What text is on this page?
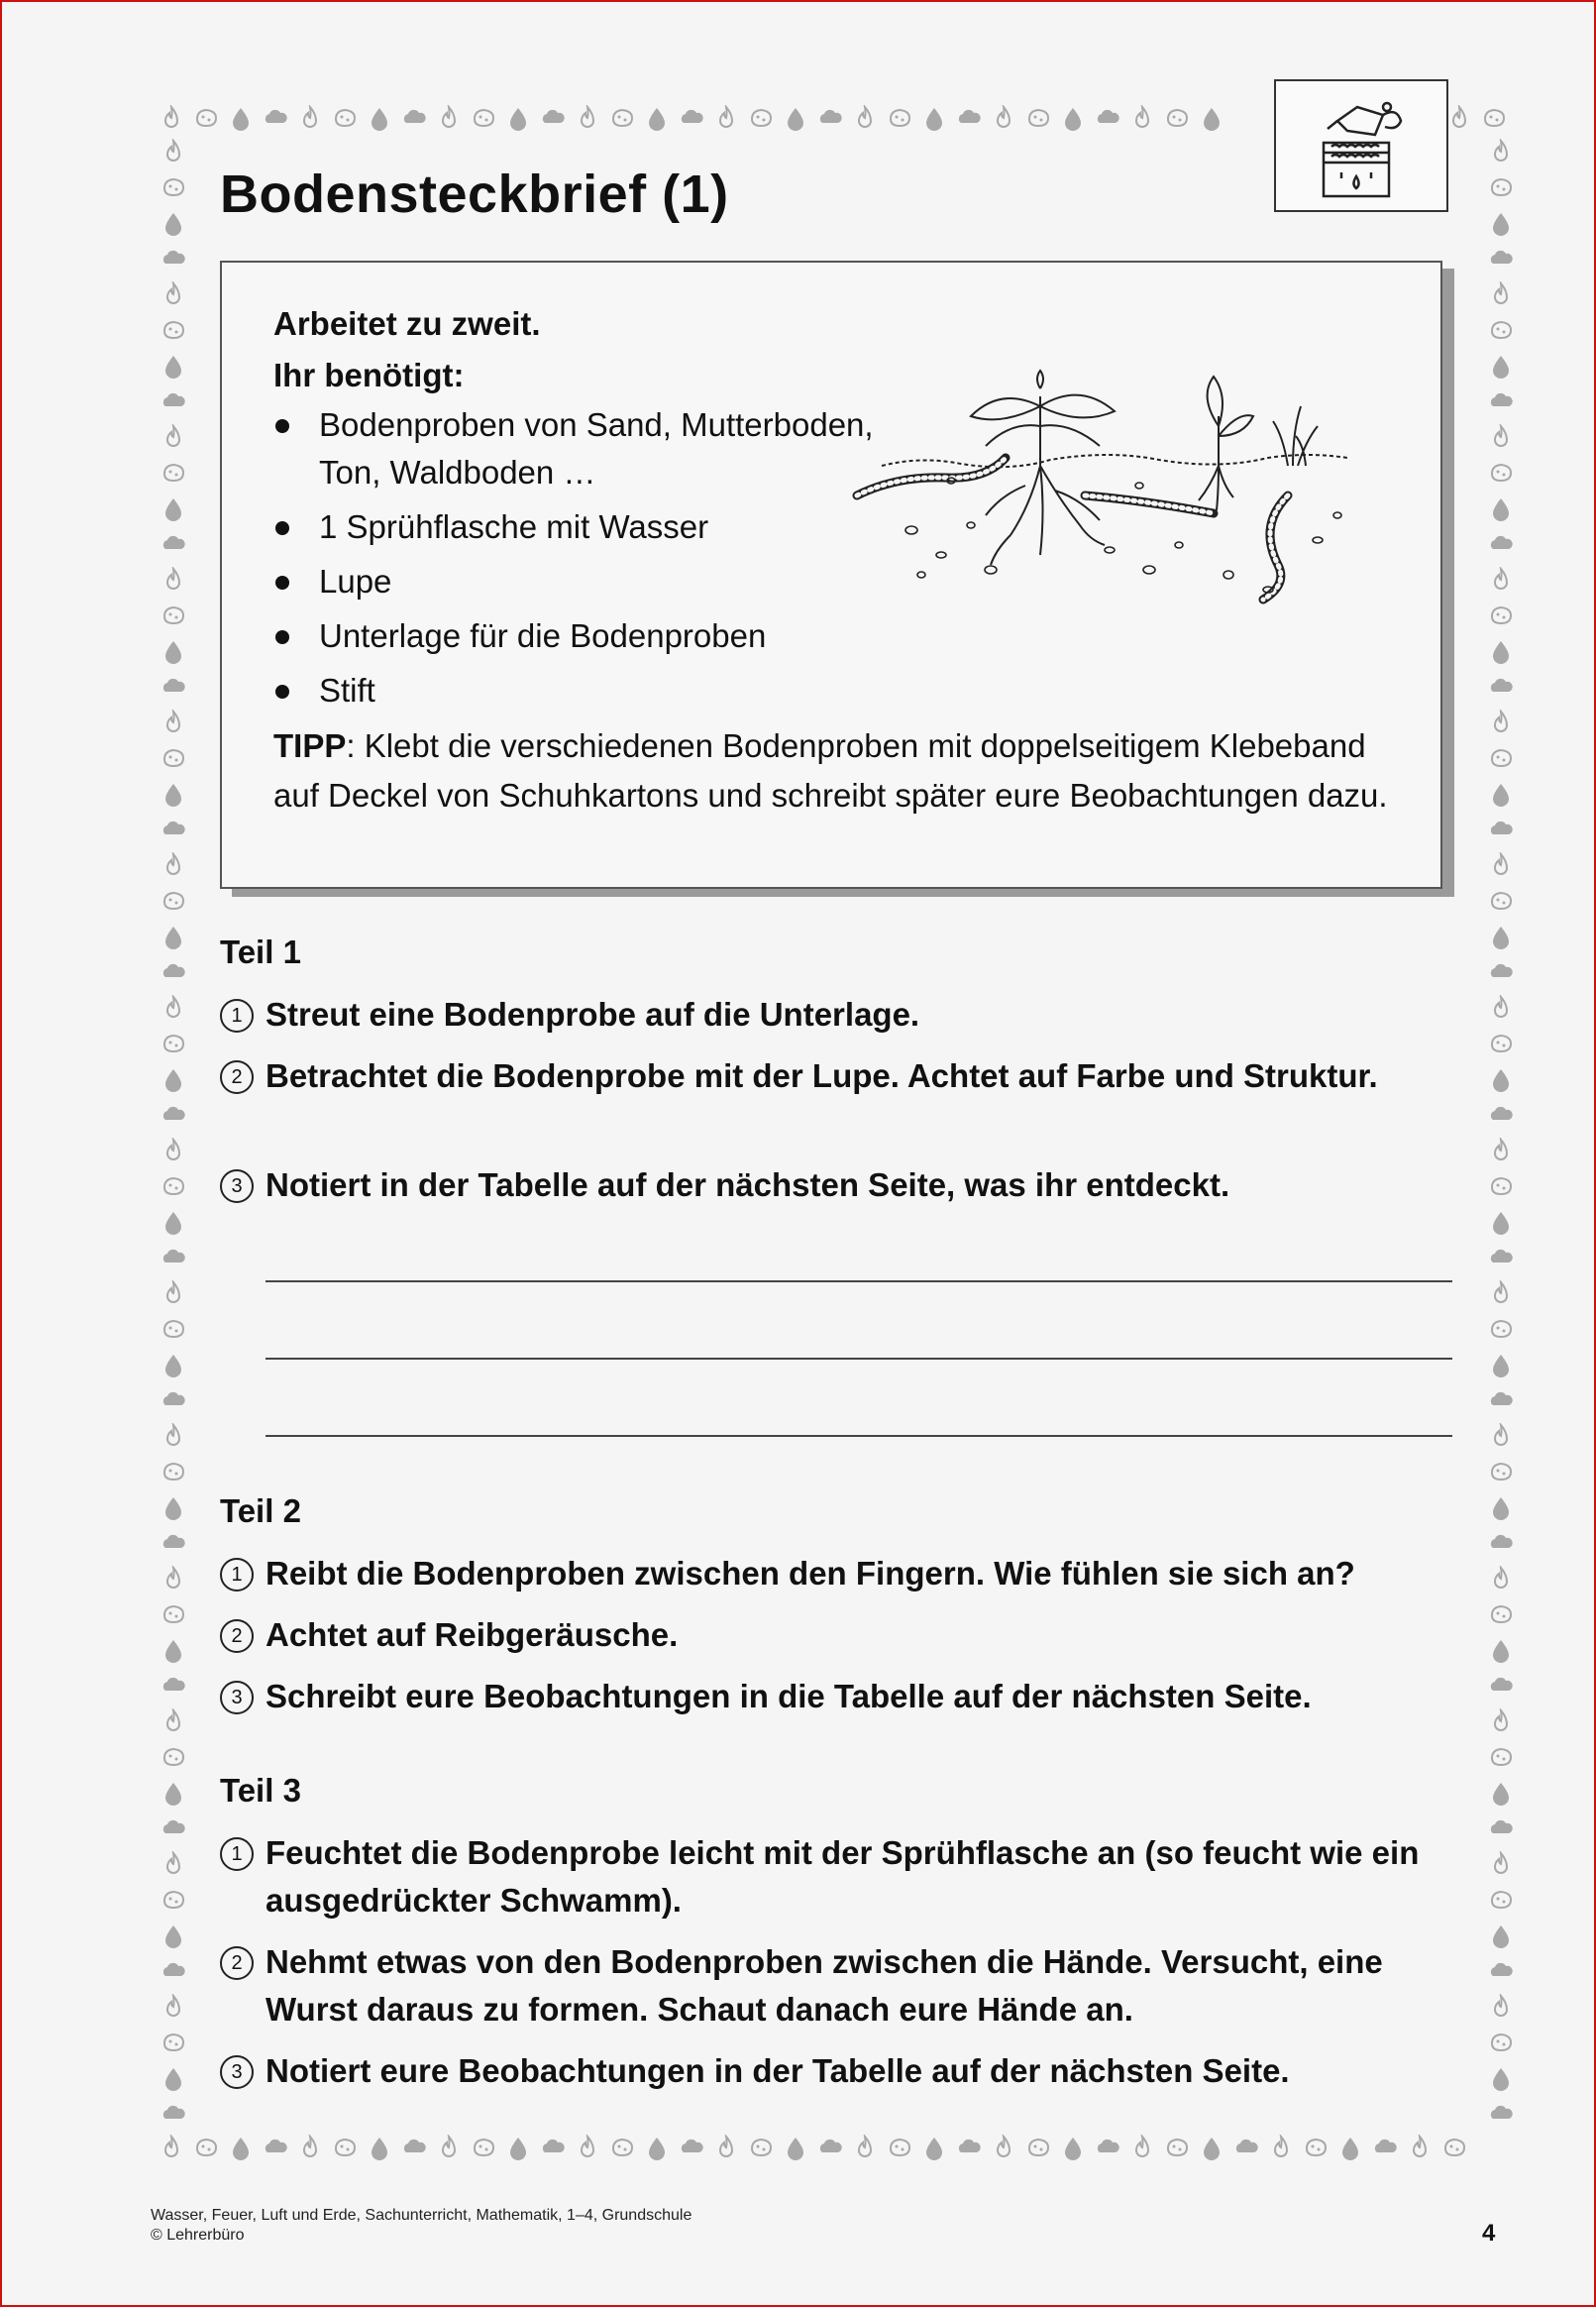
Bodensteckbrief (1)
Arbeitet zu zweit.
Ihr benötigt:
Bodenproben von Sand, Mutterboden, Ton, Waldboden …
1 Sprühflasche mit Wasser
Lupe
Unterlage für die Bodenproben
Stift
TIPP: Klebt die verschiedenen Bodenproben mit doppelseitigem Klebeband auf Deckel von Schuhkartons und schreibt später eure Beobachtungen dazu.
Teil 1
1 Streut eine Bodenprobe auf die Unterlage.
2 Betrachtet die Bodenprobe mit der Lupe. Achtet auf Farbe und Struktur.
3 Notiert in der Tabelle auf der nächsten Seite, was ihr entdeckt.
Teil 2
1 Reibt die Bodenproben zwischen den Fingern. Wie fühlen sie sich an?
2 Achtet auf Reibgeräusche.
3 Schreibt eure Beobachtungen in die Tabelle auf der nächsten Seite.
Teil 3
1 Feuchtet die Bodenprobe leicht mit der Sprühflasche an (so feucht wie ein ausgedrückter Schwamm).
2 Nehmt etwas von den Bodenproben zwischen die Hände. Versucht, eine Wurst daraus zu formen. Schaut danach eure Hände an.
3 Notiert eure Beobachtungen in der Tabelle auf der nächsten Seite.
Wasser, Feuer, Luft und Erde, Sachunterricht, Mathematik, 1–4, Grundschule
© Lehrerbüro	4
